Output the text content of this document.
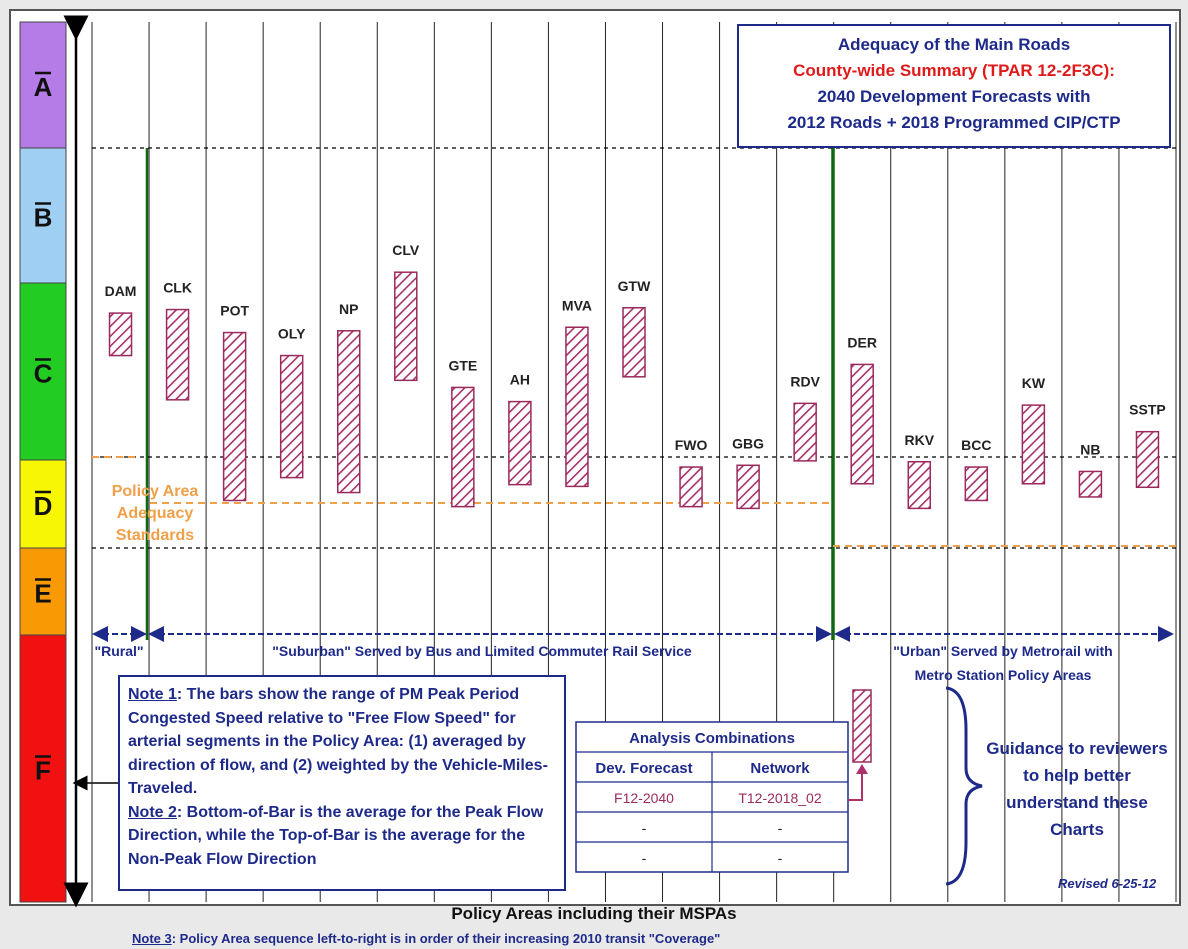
A
B
C
D
E
F
Policy Area
Adequacy
Standards
DAM CLK
POT
OLY
NP
CLV
GTE
AH
MVA
GTW
FWO GBG
RDV
DER
RKV BCC
KW
NB
SSTP
"Rural"	"Suburban" Served by Bus and Limited Commuter Rail Service	"Urban" Served by Metrorail with
Metro Station Policy Areas
Analysis Combinations
Dev. Forecast	Network
F12-2040	T12-2018_02
-	-
-	-
Adequacy of the Main Roads
County-wide Summary (TPAR 12-2F3C):
2040 Development Forecasts with
2012 Roads + 2018 Programmed CIP/CTP
Note 1: The bars show the range of PM Peak Period Congested Speed relative to "Free Flow Speed" for arterial segments in the Policy Area: (1) averaged by direction of flow, and (2) weighted by the Vehicle-Miles-Traveled.
Note 2: Bottom-of-Bar is the average for the Peak Flow Direction, while the Top-of-Bar is the average for the Non-Peak Flow Direction
Guidance to reviewers to help better understand these Charts
Revised 6-25-12
Policy Areas including their MSPAs
Note 3: Policy Area sequence left-to-right is in order of their increasing 2010 transit "Coverage"
